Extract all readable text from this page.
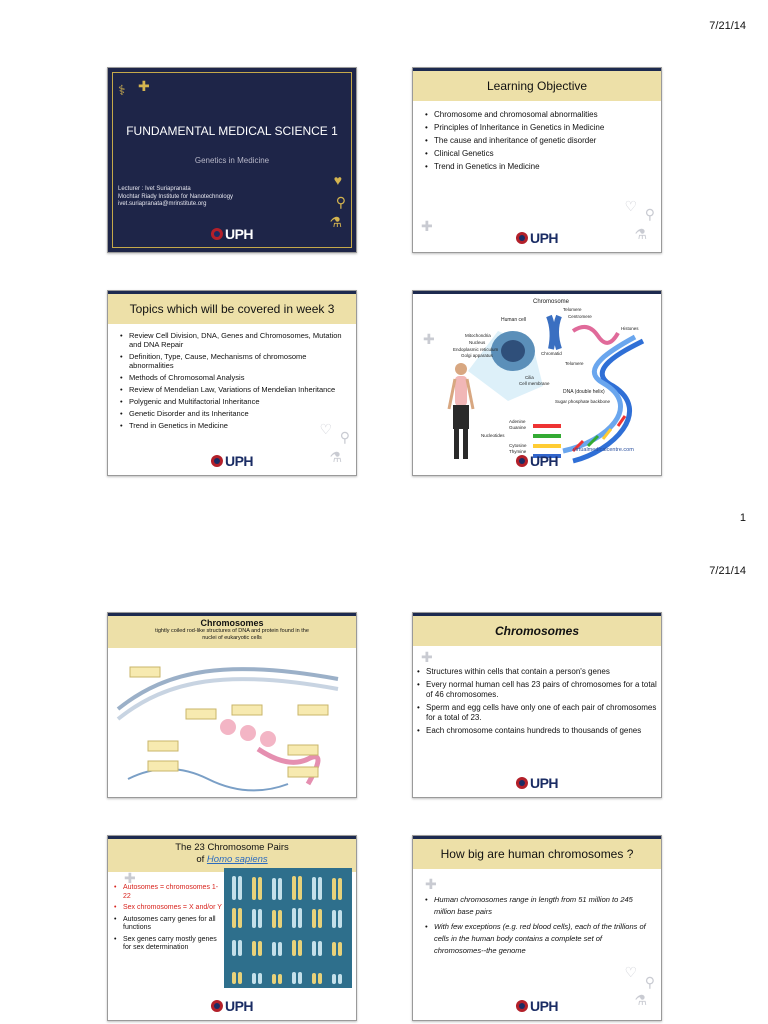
7/21/14
⚕ ✚
♥
⚲
⚗
FUNDAMENTAL MEDICAL SCIENCE 1
Genetics in Medicine
Lecturer : Ivet Suriapranata
Mochtar Riady Institute for Nanotechnology
ivet.suriapranata@mrinstitute.org
UPH
Learning Objective
• Chromosome and chromosomal abnormalities
• Principles of Inheritance in Genetics in Medicine
• The cause and inheritance of genetic disorder
• Clinical Genetics
• Trend in Genetics in Medicine
✚
♡ ⚲
⚗
UPH
Topics which will be covered in week 3
• Review Cell Division, DNA, Genes and Chromosomes, Mutation and DNA Repair
• Definition, Type, Cause, Mechanisms of chromosome abnormalities
• Methods of Chromosomal Analysis
• Review of Mendelian Law, Variations of Mendelian Inheritance
• Polygenic and Multifactorial Inheritance
• Genetic Disorder and its Inheritance
• Trend in Genetics in Medicine	♡ ⚲
⚗
UPH
✚
Chromosome
Telomere
Centromere
Human cell
Histones
Mitochondria
Nucleus
Endoplasmic reticulum
Golgi apparatus	Chromatid
Telomere
Cilia
Cell membrane
DNA (double helix)
Sugar phosphate backbone
Adenine
Guanine
Nucleotides
Cytosine
Thymine	virtualmedicalcentre.com
UPH
1
7/21/14
Chromosomes
tightly coiled rod-like structures of DNA and protein found in the nuclei of eukaryotic cells	Chromosomes
✚
• Structures within cells that contain a person's genes
• Every normal human cell has 23 pairs of chromosomes for a total of 46 chromosomes.
• Sperm and egg cells have only one of each pair of chromosomes for a total of 23.
• Each chromosome contains hundreds to thousands of genes
UPH
The 23 Chromosome Pairs
of Homo sapiens
✚
• Autosomes = chromosomes 1-22
• Sex chromosomes = X and/or Y
• Autosomes carry genes for all functions
• Sex genes carry mostly genes for sex determination
UPH
How big are human chromosomes ?
✚
• Human chromosomes range in length from 51 million to 245 million base pairs
• With few exceptions (e.g. red blood cells), each of the trillions of cells in the human body contains a complete set of chromosomes--the genome
♡
⚲
⚗
UPH
